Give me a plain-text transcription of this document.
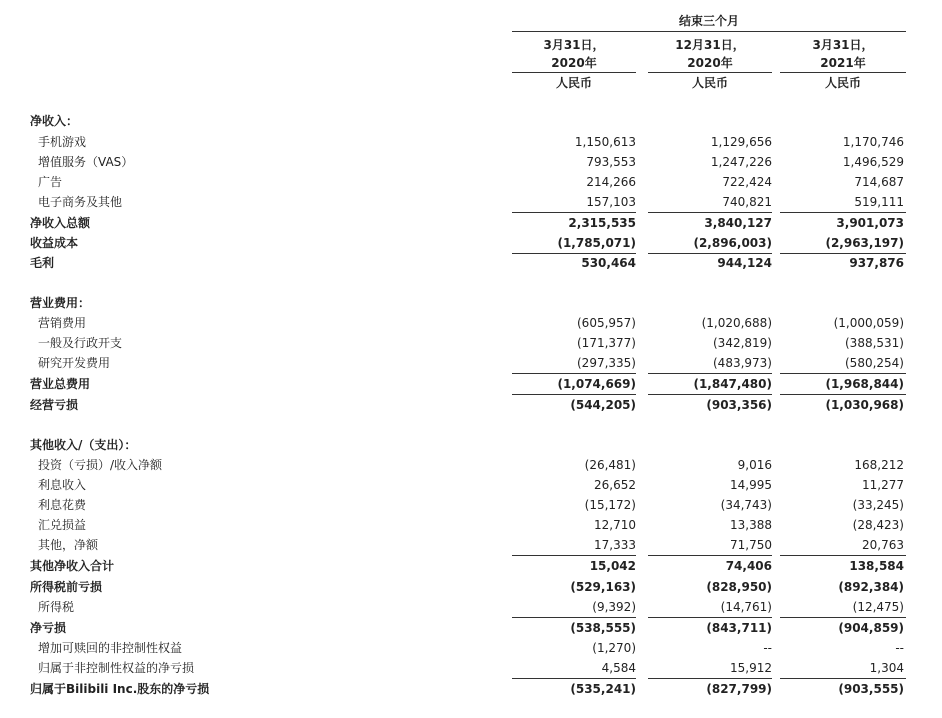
结束三个月
3月31日，
2020年
人民币
12月31日，
2020年
人民币
3月31日，
2021年
人民币
净收入：
手机游戏	1,150,613	1,129,656	1,170,746
增值服务（VAS）	793,553	1,247,226	1,496,529
广告	214,266	722,424	714,687
电子商务及其他	157,103	740,821	519,111
净收入总额	2,315,535	3,840,127	3,901,073
收益成本	(1,785,071)	(2,896,003)	(2,963,197)
毛利	530,464	944,124	937,876
营业费用：
营销费用	(605,957)	(1,020,688)	(1,000,059)
一般及行政开支	(171,377)	(342,819)	(388,531)
研究开发费用	(297,335)	(483,973)	(580,254)
营业总费用	(1,074,669)	(1,847,480)	(1,968,844)
经营亏损	(544,205)	(903,356)	(1,030,968)
其他收入/（支出）：
投资（亏损）/收入净额	(26,481)	9,016	168,212
利息收入	26,652	14,995	11,277
利息花费	(15,172)	(34,743)	(33,245)
汇兑损益	12,710	13,388	(28,423)
其他，净额	17,333	71,750	20,763
其他净收入合计	15,042	74,406	138,584
所得税前亏损	(529,163)	(828,950)	(892,384)
所得税	(9,392)	(14,761)	(12,475)
净亏损	(538,555)	(843,711)	(904,859)
增加可赎回的非控制性权益	(1,270)	--	--
归属于非控制性权益的净亏损	4,584	15,912	1,304
归属于Bilibili Inc.股东的净亏损	(535,241)	(827,799)	(903,555)
